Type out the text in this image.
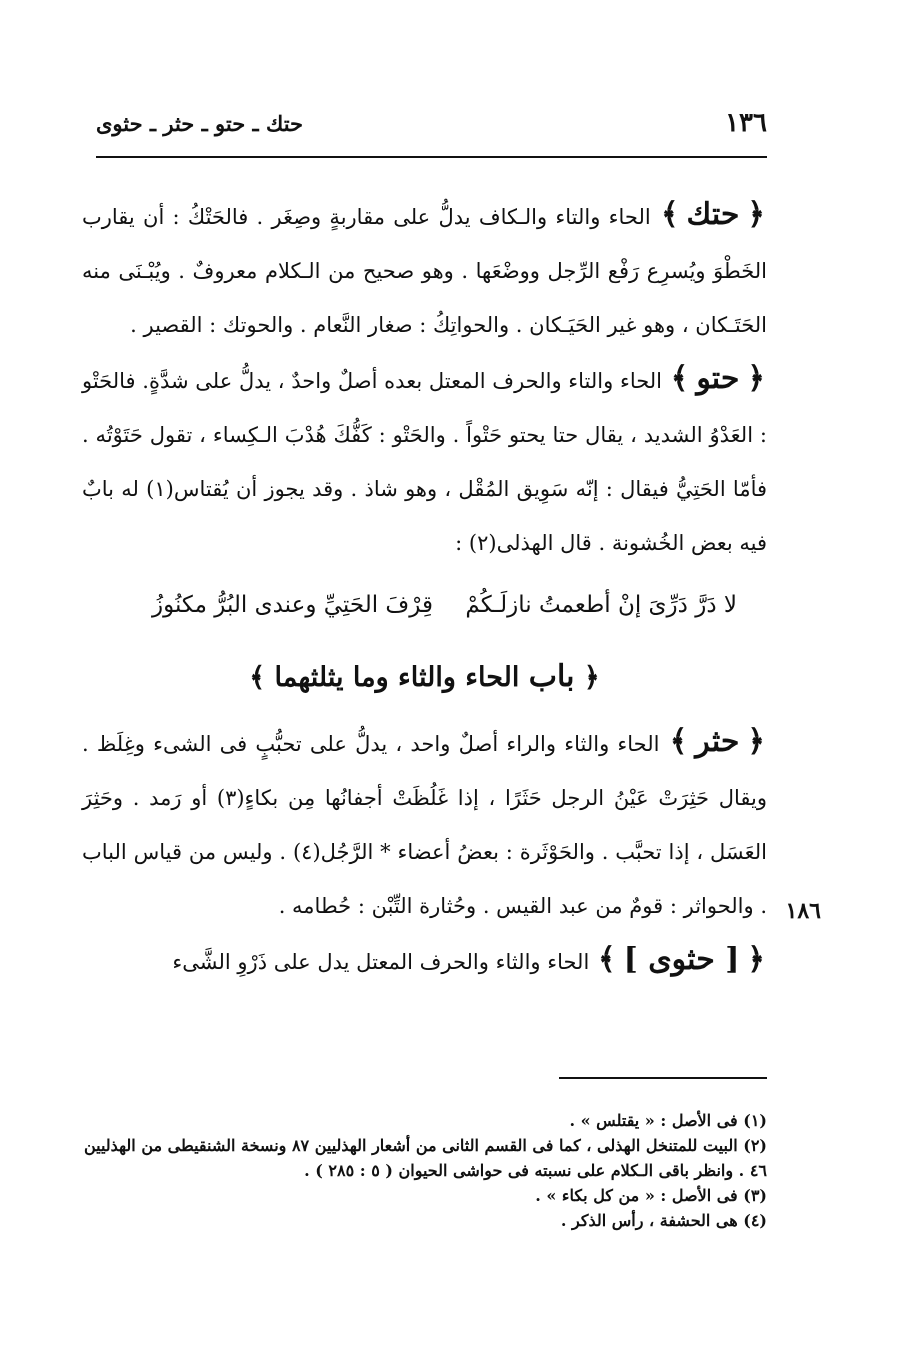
١٣٦
حتك ـ حتو ـ حثر ـ حثوى

﴿حتك﴾ الحاء والتاء والـكاف يدلُّ على مقاربةٍ وصِغَر . فالحَتْكُ : أن يقارب الخَطْوَ ويُسرِع رَفْع الرِّجل ووضْعَها . وهو صحيح من الـكلام معروفٌ . ويُبْـنَى منه الحَتَـكان ، وهو غير الحَيَـكان . والحواتِكُ : صغار النَّعام . والحوتك : القصير .

﴿حتو﴾ الحاء والتاء والحرف المعتل بعده أصلٌ واحدٌ ، يدلُّ على شدَّةٍ. فالحَتْو : العَدْوُ الشديد ، يقال حتا يحتو حَتْواً . والحَتْو : كَفُّكَ هُدْبَ الـكِساء ، تقول حَتَوْتُه . فأمّا الحَتِيُّ فيقال : إنّه سَوِيق المُقْل ، وهو شاذ . وقد يجوز أن يُقتاس(١) له بابٌ فيه بعض الخُشونة . قال الهذلى(٢) :

لا دَرَّ دَرِّىَ إنْ أطعمتُ نازلَـكُمْ
قِرْفَ الحَتِيِّ وعندى البُرُّ مكنُوزُ
﴿ باب الحاء والثاء وما يثلثهما ﴾

﴿حثر﴾ الحاء والثاء والراء أصلٌ واحد ، يدلُّ على تحبُّبٍ فى الشىء وغِلَظ . ويقال حَثِرَتْ عَيْنُ الرجل حَثَرًا ، إذا غَلُظَتْ أجفانُها مِن بكاءٍ(٣) أو رَمد . وحَثِرَ العَسَل ، إذا تحبَّب . والحَوْثَرة : بعضُ أعضاء * الرَّجُل(٤) . وليس من قياس الباب . والحواثر : قومٌ من عبد القيس . وحُثارة التِّبْن : حُطامه .

﴿[ حثوى ]﴾ الحاء والثاء والحرف المعتل يدل على ذَرْوِ الشَّىء

١٨٦

(١) فى الأصل : « يقتلس » .

(٢) البيت للمتنخل الهذلى ، كما فى القسم الثانى من أشعار الهذليين ٨٧ ونسخة الشنقيطى من الهذليين ٤٦ . وانظر باقى الـكلام على نسبته فى حواشى الحيوان ( ٥ : ٢٨٥ ) .

(٣) فى الأصل : « من كل بكاء » .

(٤) هى الحشفة ، رأس الذكر .
